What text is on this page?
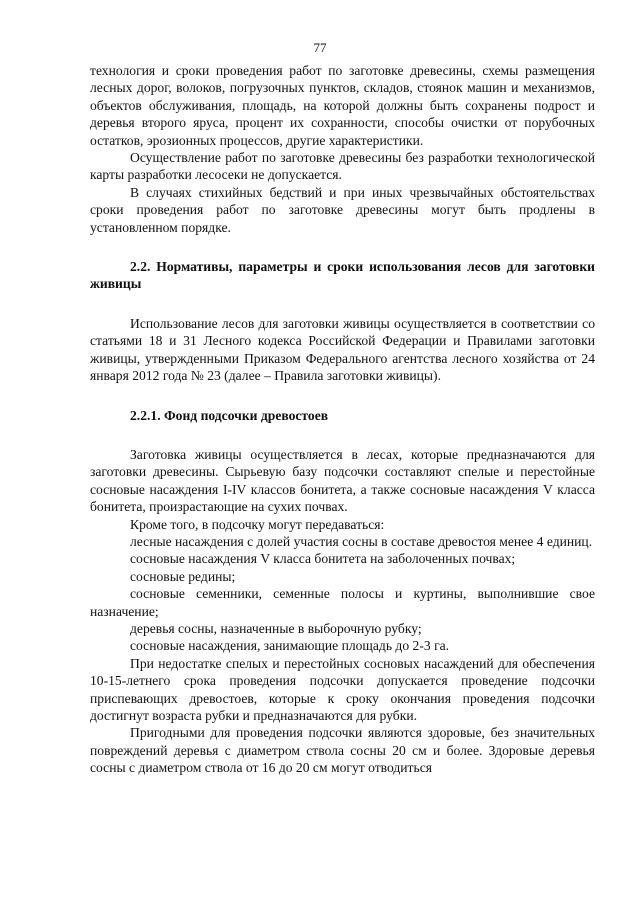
77

технология и сроки проведения работ по заготовке древесины, схемы размещения лесных дорог, волоков, погрузочных пунктов, складов, стоянок машин и механизмов, объектов обслуживания, площадь, на которой должны быть сохранены подрост и деревья второго яруса, процент их сохранности, способы очистки от порубочных остатков, эрозионных процессов, другие характеристики.

Осуществление работ по заготовке древесины без разработки технологической карты разработки лесосеки не допускается.

В случаях стихийных бедствий и при иных чрезвычайных обстоятельствах сроки проведения работ по заготовке древесины могут быть продлены в установленном порядке.

2.2. Нормативы, параметры и сроки использования лесов для заготовки живицы

Использование лесов для заготовки живицы осуществляется в соответствии со статьями 18 и 31 Лесного кодекса Российской Федерации и Правилами заготовки живицы, утвержденными Приказом Федерального агентства лесного хозяйства от 24 января 2012 года № 23 (далее – Правила заготовки живицы).

2.2.1. Фонд подсочки древостоев

Заготовка живицы осуществляется в лесах, которые предназначаются для заготовки древесины. Сырьевую базу подсочки составляют спелые и перестойные сосновые насаждения I-IV классов бонитета, а также сосновые насаждения V класса бонитета, произрастающие на сухих почвах.

Кроме того, в подсочку могут передаваться:

лесные насаждения с долей участия сосны в составе древостоя менее 4 единиц.

сосновые насаждения V класса бонитета на заболоченных почвах;

сосновые редины;

сосновые семенники, семенные полосы и куртины, выполнившие свое назначение;

деревья сосны, назначенные в выборочную рубку;

сосновые насаждения, занимающие площадь до 2-3 га.

При недостатке спелых и перестойных сосновых насаждений для обеспечения 10-15-летнего срока проведения подсочки допускается проведение подсочки приспевающих древостоев, которые к сроку окончания проведения подсочки достигнут возраста рубки и предназначаются для рубки.

Пригодными для проведения подсочки являются здоровые, без значительных повреждений деревья с диаметром ствола сосны 20 см и более. Здоровые деревья сосны с диаметром ствола от 16 до 20 см могут отводиться
